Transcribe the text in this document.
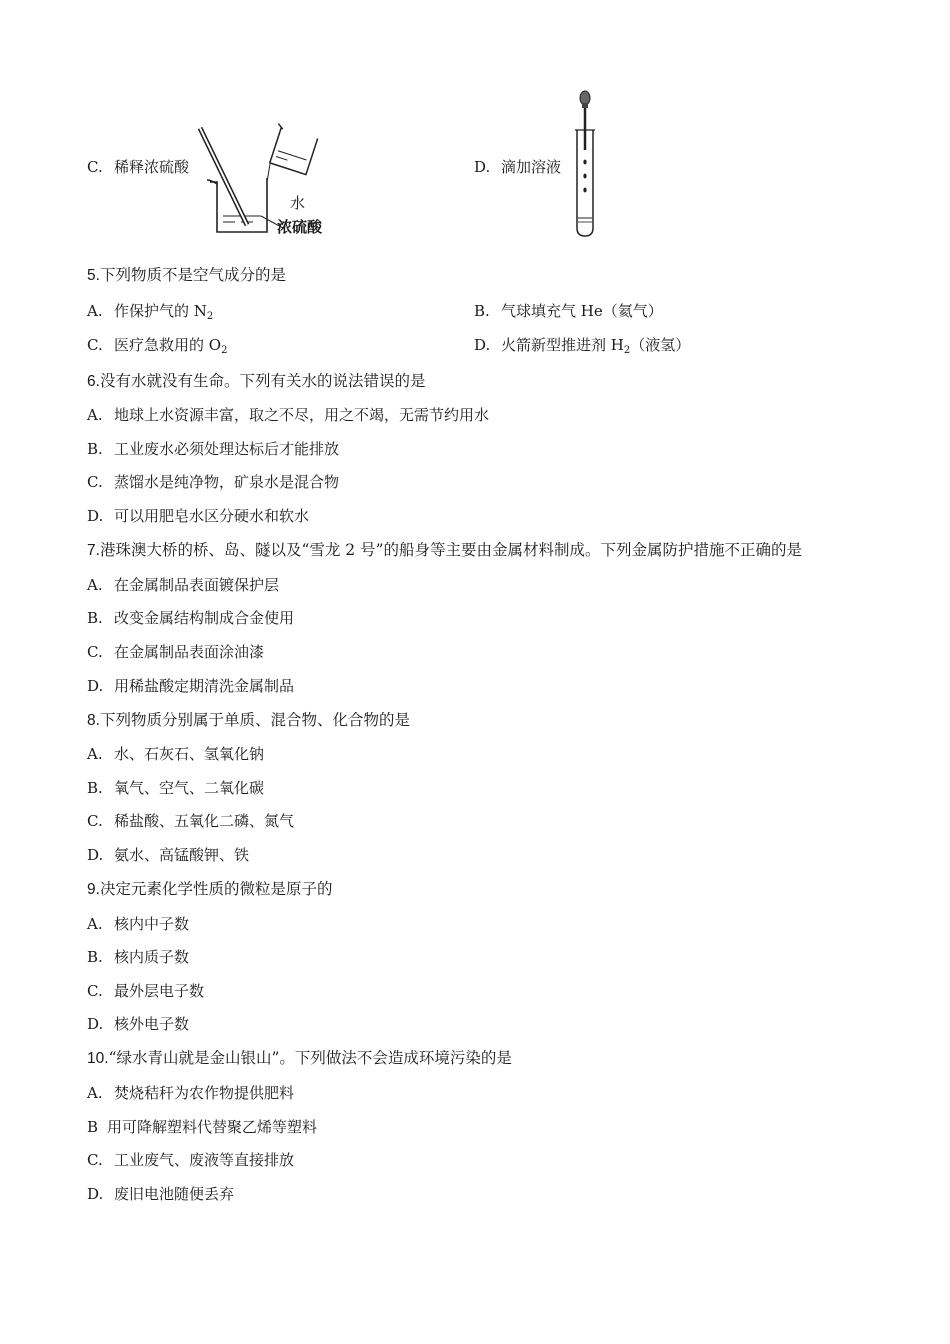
C. 稀释浓硫酸
水
浓硫酸
D. 滴加溶液
5.下列物质不是空气成分的是
A. 作保护气的 $N_2$	B. 气球填充气 He（氦气）
C. 医疗急救用的 $O_2$	D. 火箭新型推进剂 $H_2$（液氢）
6.没有水就没有生命。下列有关水的说法错误的是
A. 地球上水资源丰富，取之不尽，用之不竭，无需节约用水
B. 工业废水必须处理达标后才能排放
C. 蒸馏水是纯净物，矿泉水是混合物
D. 可以用肥皂水区分硬水和软水
7.港珠澳大桥的桥、岛、隧以及“雪龙 2 号”的船身等主要由金属材料制成。下列金属防护措施不正确的是
A. 在金属制品表面镀保护层
B. 改变金属结构制成合金使用
C. 在金属制品表面涂油漆
D. 用稀盐酸定期清洗金属制品
8.下列物质分别属于单质、混合物、化合物的是
A. 水、石灰石、氢氧化钠
B. 氧气、空气、二氧化碳
C. 稀盐酸、五氧化二磷、氮气
D. 氨水、高锰酸钾、铁
9.决定元素化学性质的微粒是原子的
A. 核内中子数
B. 核内质子数
C. 最外层电子数
D. 核外电子数
10.“绿水青山就是金山银山”。下列做法不会造成环境污染的是
A. 焚烧秸秆为农作物提供肥料
B 用可降解塑料代替聚乙烯等塑料
C. 工业废气、废液等直接排放
D. 废旧电池随便丢弃
